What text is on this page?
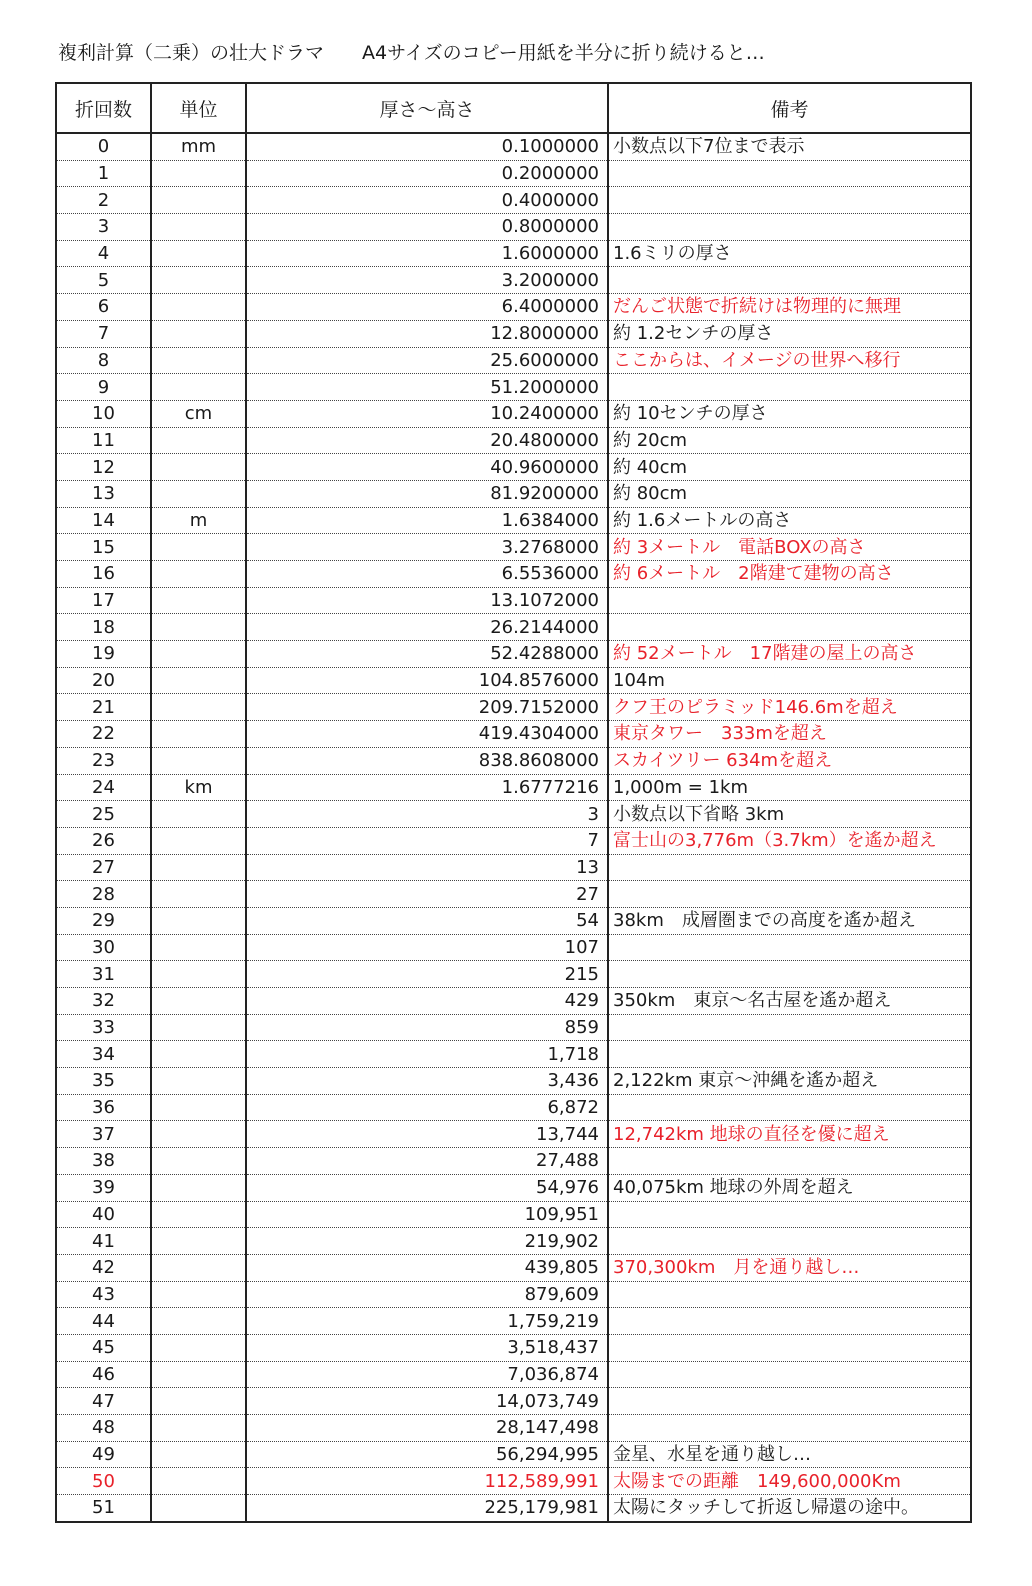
複利計算（二乗）の壮大ドラマ　　A4サイズのコピー用紙を半分に折り続けると…
折回数	単位	厚さ～高さ	備考
0	mm	0.1000000	小数点以下7位まで表示
1		0.2000000	
2		0.4000000	
3		0.8000000	
4		1.6000000	1.6ミリの厚さ
5		3.2000000	
6		6.4000000	だんご状態で折続けは物理的に無理
7		12.8000000	約 1.2センチの厚さ
8		25.6000000	ここからは、イメージの世界へ移行
9		51.2000000	
10	cm	10.2400000	約 10センチの厚さ
11		20.4800000	約 20cm
12		40.9600000	約 40cm
13		81.9200000	約 80cm
14	m	1.6384000	約 1.6メートルの高さ
15		3.2768000	約 3メートル　電話BOXの高さ
16		6.5536000	約 6メートル　2階建て建物の高さ
17		13.1072000	
18		26.2144000	
19		52.4288000	約 52メートル　17階建の屋上の高さ
20		104.8576000	104m
21		209.7152000	クフ王のピラミッド146.6mを超え
22		419.4304000	東京タワー　333mを超え
23		838.8608000	スカイツリー 634mを超え
24	km	1.6777216	1,000m = 1km
25		3	小数点以下省略 3km
26		7	富士山の3,776m（3.7km）を遙か超え
27		13	
28		27	
29		54	38km　成層圏までの高度を遙か超え
30		107	
31		215	
32		429	350km　東京～名古屋を遙か超え
33		859	
34		1,718	
35		3,436	2,122km 東京～沖縄を遙か超え
36		6,872	
37		13,744	12,742km 地球の直径を優に超え
38		27,488	
39		54,976	40,075km 地球の外周を超え
40		109,951	
41		219,902	
42		439,805	370,300km　月を通り越し…
43		879,609	
44		1,759,219	
45		3,518,437	
46		7,036,874	
47		14,073,749	
48		28,147,498	
49		56,294,995	金星、水星を通り越し…
50		112,589,991	太陽までの距離　149,600,000Km
51		225,179,981	太陽にタッチして折返し帰還の途中。
